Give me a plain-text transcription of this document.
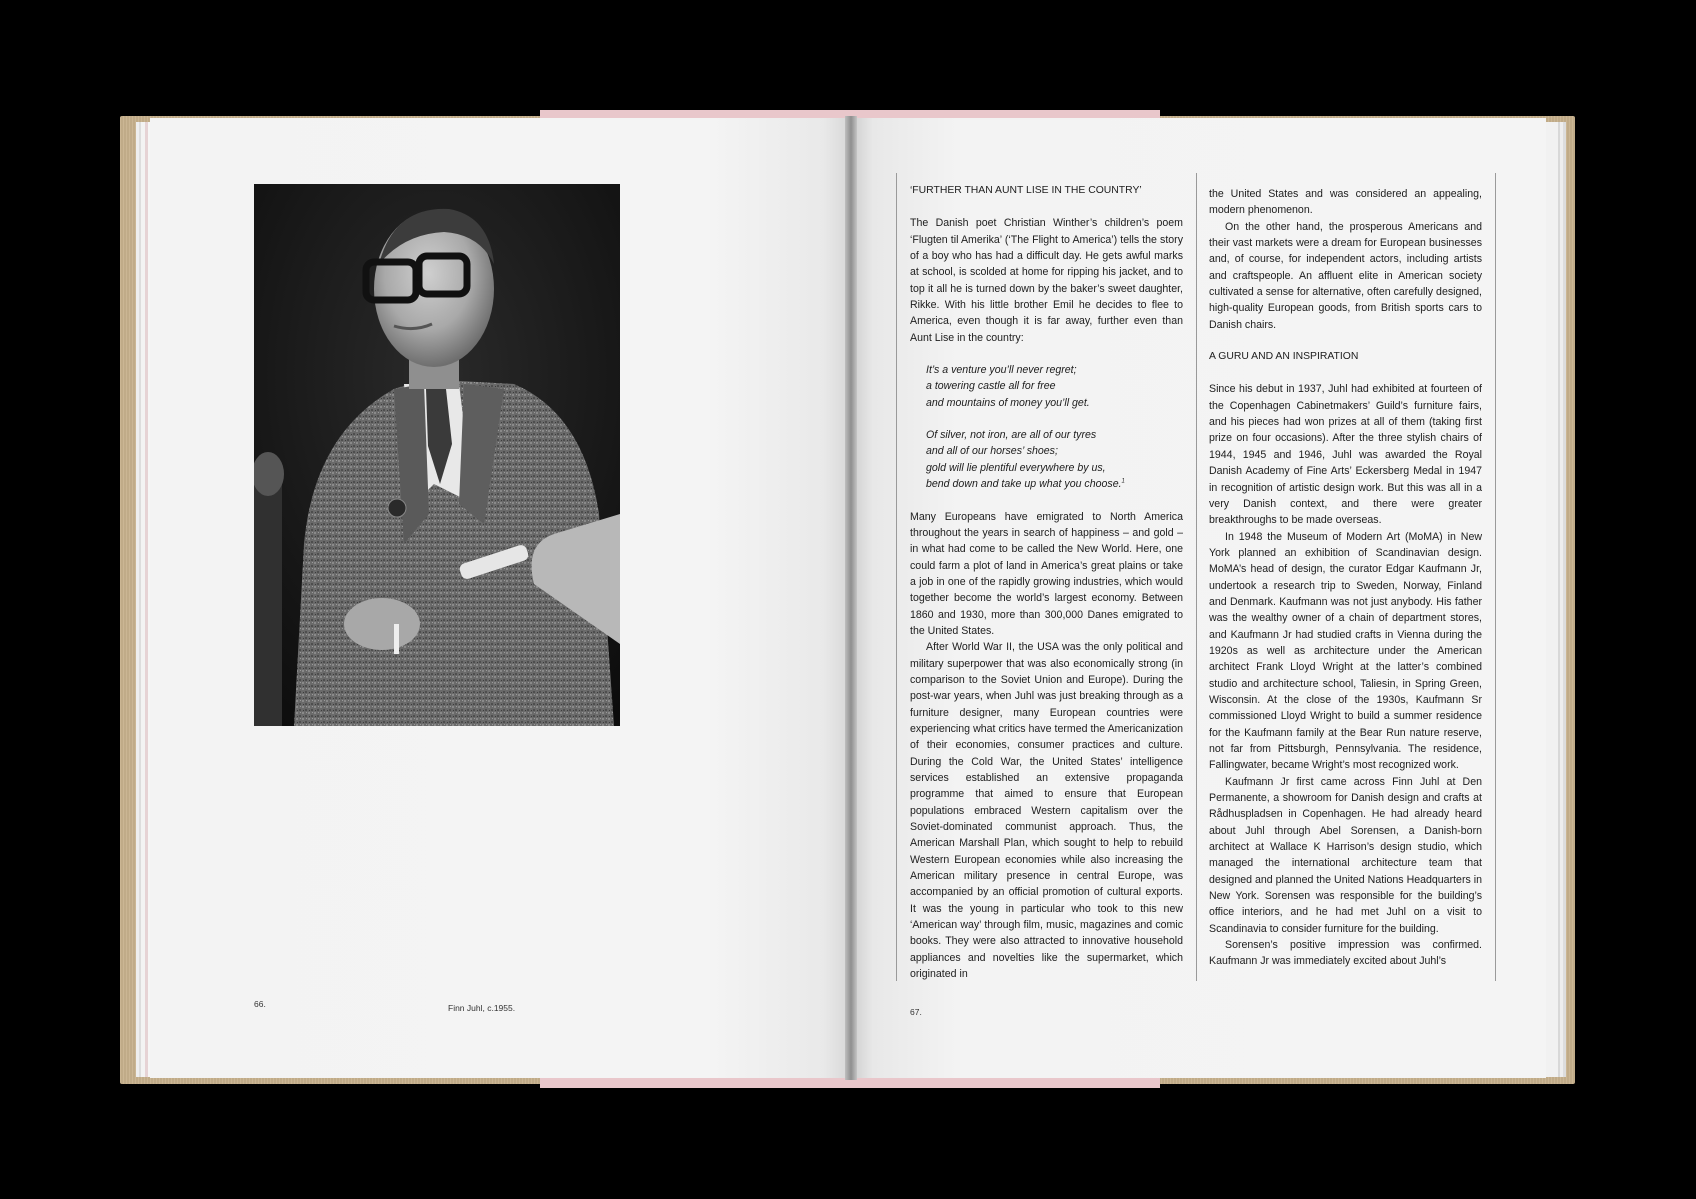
66.	Finn Juhl, c.1955.

‘FURTHER THAN AUNT LISE IN THE COUNTRY’

The Danish poet Christian Winther’s children’s poem ‘Flugten til Amerika’ (‘The Flight to America’) tells the story of a boy who has had a difficult day. He gets awful marks at school, is scolded at home for ripping his jacket, and to top it all he is turned down by the baker’s sweet daughter, Rikke. With his little brother Emil he decides to flee to America, even though it is far away, further even than Aunt Lise in the country:

It’s a venture you’ll never regret;

a towering castle all for free

and mountains of money you’ll get.

Of silver, not iron, are all of our tyres

and all of our horses’ shoes;

gold will lie plentiful everywhere by us,

bend down and take up what you choose.$^1$

Many Europeans have emigrated to North America throughout the years in search of happiness – and gold – in what had come to be called the New World. Here, one could farm a plot of land in America’s great plains or take a job in one of the rapidly growing industries, which would together become the world’s largest economy. Between 1860 and 1930, more than 300,000 Danes emigrated to the United States.

After World War II, the USA was the only political and military superpower that was also economically strong (in comparison to the Soviet Union and Europe). During the post-war years, when Juhl was just breaking through as a furniture designer, many European countries were experiencing what critics have termed the Americanization of their economies, consumer practices and culture. During the Cold War, the United States’ intelligence services established an extensive propaganda programme that aimed to ensure that European populations embraced Western capitalism over the Soviet-dominated communist approach. Thus, the American Marshall Plan, which sought to help to rebuild Western European economies while also increasing the American military presence in central Europe, was accompanied by an official promotion of cultural exports. It was the young in particular who took to this new ‘American way’ through film, music, magazines and comic books. They were also attracted to innovative household appliances and novelties like the supermarket, which originated in

the United States and was considered an appealing, modern phenomenon.

On the other hand, the prosperous Americans and their vast markets were a dream for European businesses and, of course, for independent actors, including artists and craftspeople. An affluent elite in American society cultivated a sense for alternative, often carefully designed, high-quality European goods, from British sports cars to Danish chairs.

A GURU AND AN INSPIRATION

Since his debut in 1937, Juhl had exhibited at fourteen of the Copenhagen Cabinetmakers’ Guild’s furniture fairs, and his pieces had won prizes at all of them (taking first prize on four occasions). After the three stylish chairs of 1944, 1945 and 1946, Juhl was awarded the Royal Danish Academy of Fine Arts’ Eckersberg Medal in 1947 in recognition of artistic design work. But this was all in a very Danish context, and there were greater breakthroughs to be made overseas.

In 1948 the Museum of Modern Art (MoMA) in New York planned an exhibition of Scandinavian design. MoMA’s head of design, the curator Edgar Kaufmann Jr, undertook a research trip to Sweden, Norway, Finland and Denmark. Kaufmann was not just anybody. His father was the wealthy owner of a chain of department stores, and Kaufmann Jr had studied crafts in Vienna during the 1920s as well as architecture under the American architect Frank Lloyd Wright at the latter’s combined studio and architecture school, Taliesin, in Spring Green, Wisconsin. At the close of the 1930s, Kaufmann Sr commissioned Lloyd Wright to build a summer residence for the Kaufmann family at the Bear Run nature reserve, not far from Pittsburgh, Pennsylvania. The residence, Fallingwater, became Wright’s most recognized work.

Kaufmann Jr first came across Finn Juhl at Den Permanente, a showroom for Danish design and crafts at Rådhuspladsen in Copenhagen. He had already heard about Juhl through Abel Sorensen, a Danish-born architect at Wallace K Harrison’s design studio, which managed the international architecture team that designed and planned the United Nations Headquarters in New York. Sorensen was responsible for the building’s office interiors, and he had met Juhl on a visit to Scandinavia to consider furniture for the building.

Sorensen’s positive impression was confirmed. Kaufmann Jr was immediately excited about Juhl’s

67.
